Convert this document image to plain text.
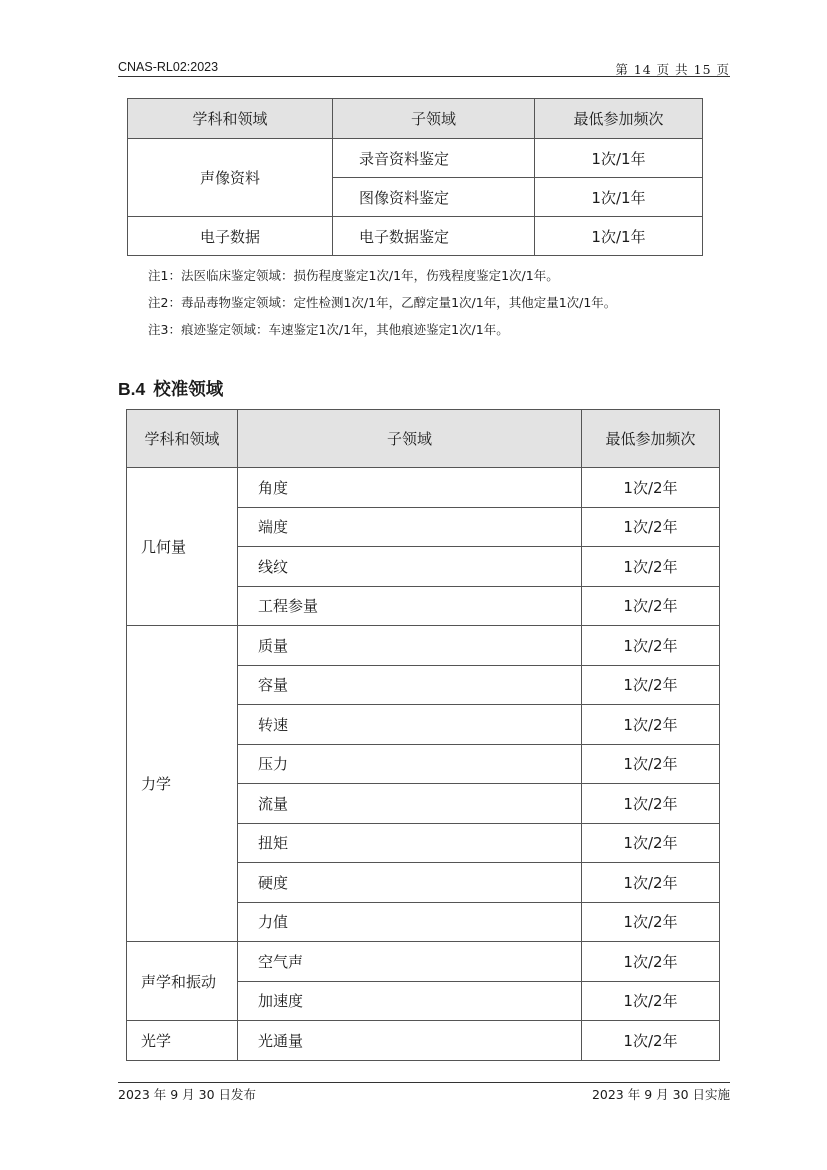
CNAS-RL02:2023	第 14 页 共 15 页
学科和领域	子领域	最低参加频次
声像资料	录音资料鉴定	1次/1年
	图像资料鉴定	1次/1年
电子数据	电子数据鉴定	1次/1年
注1：法医临床鉴定领域：损伤程度鉴定1次/1年，伤残程度鉴定1次/1年。
注2：毒品毒物鉴定领域：定性检测1次/1年，乙醇定量1次/1年，其他定量1次/1年。
注3：痕迹鉴定领域：车速鉴定1次/1年，其他痕迹鉴定1次/1年。
B.4 校准领域
学科和领域	子领域	最低参加频次
几何量	角度	1次/2年
	端度	1次/2年
	线纹	1次/2年
	工程参量	1次/2年
力学	质量	1次/2年
	容量	1次/2年
	转速	1次/2年
	压力	1次/2年
	流量	1次/2年
	扭矩	1次/2年
	硬度	1次/2年
	力值	1次/2年
声学和振动	空气声	1次/2年
	加速度	1次/2年
光学	光通量	1次/2年
2023 年 9 月 30 日发布	2023 年 9 月 30 日实施
